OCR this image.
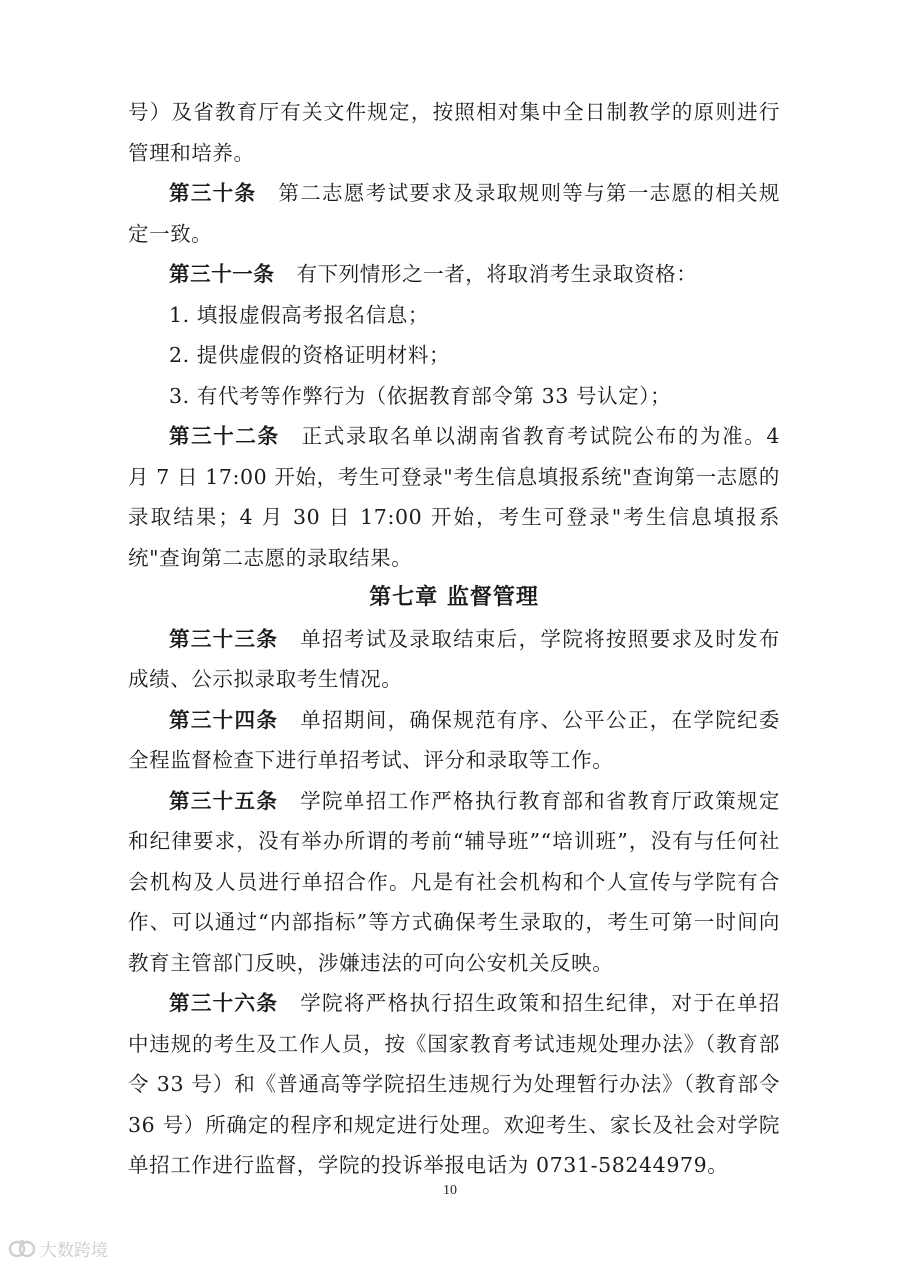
号）及省教育厅有关文件规定，按照相对集中全日制教学的原则进行管理和培养。

第三十条 第二志愿考试要求及录取规则等与第一志愿的相关规定一致。

第三十一条 有下列情形之一者，将取消考生录取资格：

1. 填报虚假高考报名信息；

2. 提供虚假的资格证明材料；

3. 有代考等作弊行为（依据教育部令第 33 号认定）；

第三十二条 正式录取名单以湖南省教育考试院公布的为准。4 月 7 日 17:00 开始，考生可登录"考生信息填报系统"查询第一志愿的录取结果；4 月 30 日 17:00 开始，考生可登录"考生信息填报系统"查询第二志愿的录取结果。

第七章 监督管理

第三十三条 单招考试及录取结束后，学院将按照要求及时发布成绩、公示拟录取考生情况。

第三十四条 单招期间，确保规范有序、公平公正，在学院纪委全程监督检查下进行单招考试、评分和录取等工作。

第三十五条 学院单招工作严格执行教育部和省教育厅政策规定和纪律要求，没有举办所谓的考前“辅导班”“培训班”，没有与任何社会机构及人员进行单招合作。凡是有社会机构和个人宣传与学院有合作、可以通过“内部指标”等方式确保考生录取的，考生可第一时间向教育主管部门反映，涉嫌违法的可向公安机关反映。

第三十六条 学院将严格执行招生政策和招生纪律，对于在单招中违规的考生及工作人员，按《国家教育考试违规处理办法》（教育部令 33 号）和《普通高等学院招生违规行为处理暂行办法》（教育部令 36 号）所确定的程序和规定进行处理。欢迎考生、家长及社会对学院单招工作进行监督，学院的投诉举报电话为 0731-58244979。

10
大数跨境
